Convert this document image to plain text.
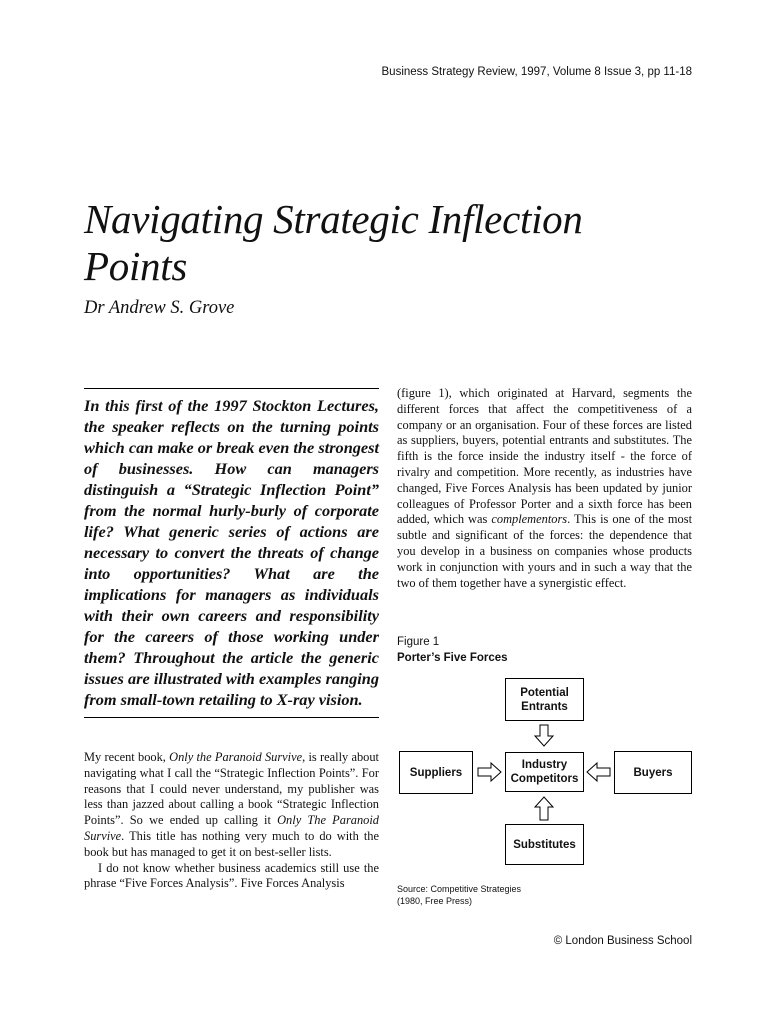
Business Strategy Review, 1997, Volume 8 Issue 3, pp 11-18
Navigating Strategic Inflection Points
Dr Andrew S. Grove

In this first of the 1997 Stockton Lectures, the speaker reflects on the turning points which can make or break even the strongest of businesses. How can managers distinguish a “Strategic Inflection Point” from the normal hurly-burly of corporate life? What generic series of actions are necessary to convert the threats of change into opportunities? What are the implications for managers as individuals with their own careers and responsibility for the careers of those working under them? Throughout the article the generic issues are illustrated with examples ranging from small-town retailing to X-ray vision.

My recent book, Only the Paranoid Survive, is really about navigating what I call the “Strategic Inflection Points”. For reasons that I could never understand, my publisher was less than jazzed about calling a book “Strategic Inflection Points”. So we ended up calling it Only The Paranoid Survive. This title has nothing very much to do with the book but has managed to get it on best-seller lists.

I do not know whether business academics still use the phrase “Five Forces Analysis”. Five Forces Analysis

(figure 1), which originated at Harvard, segments the different forces that affect the competitiveness of a company or an organisation. Four of these forces are listed as suppliers, buyers, potential entrants and substitutes. The fifth is the force inside the industry itself - the force of rivalry and competition. More recently, as industries have changed, Five Forces Analysis has been updated by junior colleagues of Professor Porter and a sixth force has been added, which was complementors. This is one of the most subtle and significant of the forces: the dependence that you develop in a business on companies whose products work in conjunction with yours and in such a way that the two of them together have a synergistic effect.

Figure 1
Porter’s Five Forces
Potential
Entrants
Industry
Competitors
Suppliers	Buyers
Substitutes
Source: Competitive Strategies
(1980, Free Press)
© London Business School
